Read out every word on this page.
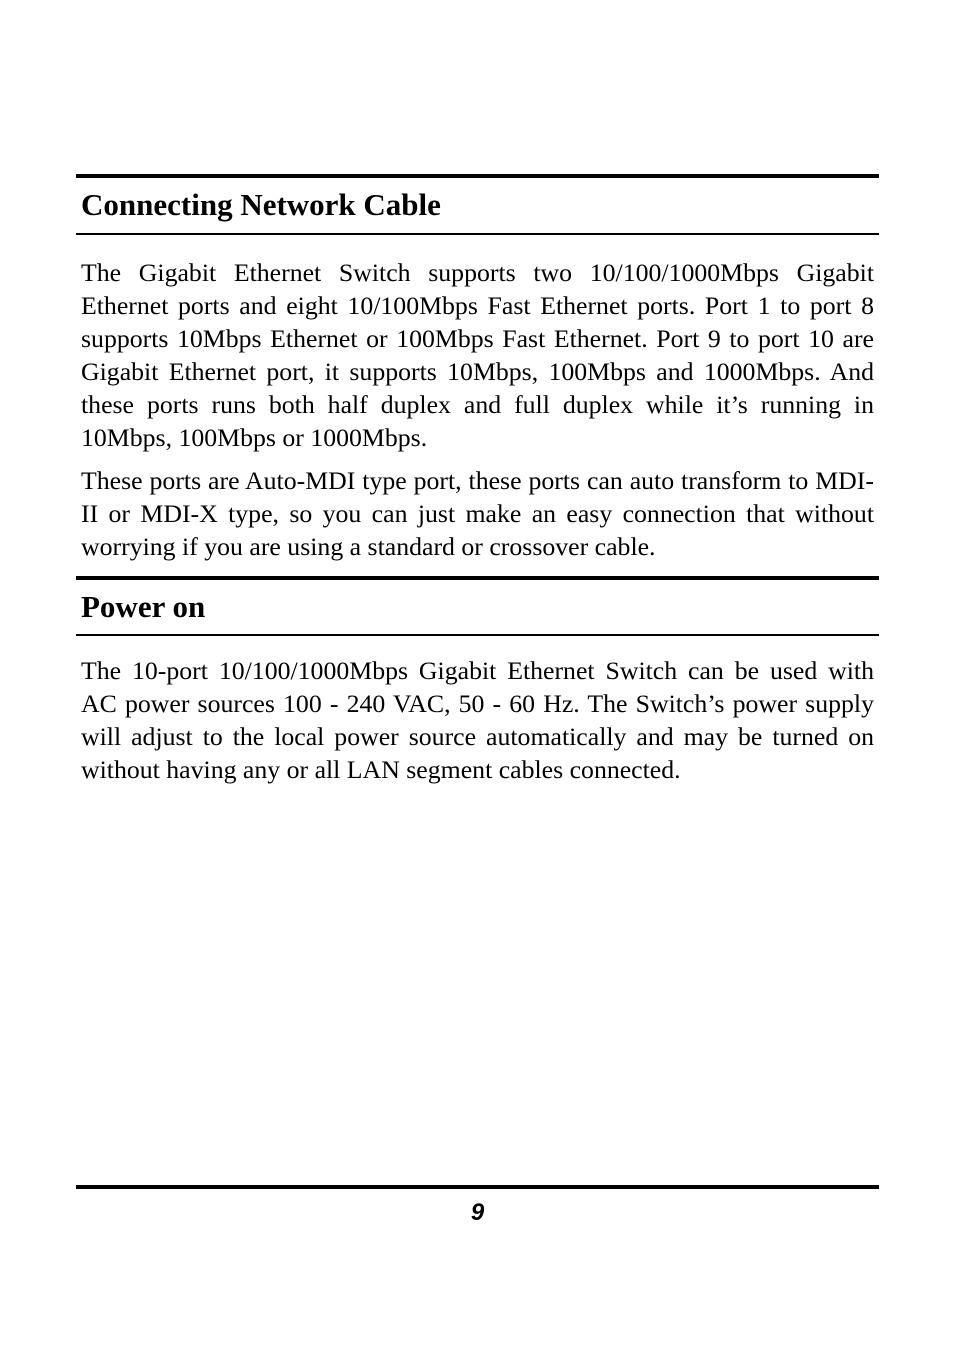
Connecting Network Cable

The Gigabit Ethernet Switch supports two 10/100/1000Mbps Gigabit Ethernet ports and eight 10/100Mbps Fast Ethernet ports. Port 1 to port 8 supports 10Mbps Ethernet or 100Mbps Fast Ethernet. Port 9 to port 10 are Gigabit Ethernet port, it supports 10Mbps, 100Mbps and 1000Mbps. And these ports runs both half duplex and full duplex while it’s running in 10Mbps, 100Mbps or 1000Mbps.

These ports are Auto-MDI type port, these ports can auto transform to MDI-II or MDI-X type, so you can just make an easy connection that without worrying if you are using a standard or crossover cable.

Power on

The 10-port 10/100/1000Mbps Gigabit Ethernet Switch can be used with AC power sources 100 - 240 VAC, 50 - 60 Hz. The Switch’s power supply will adjust to the local power source automatically and may be turned on without having any or all LAN segment cables connected.

9
